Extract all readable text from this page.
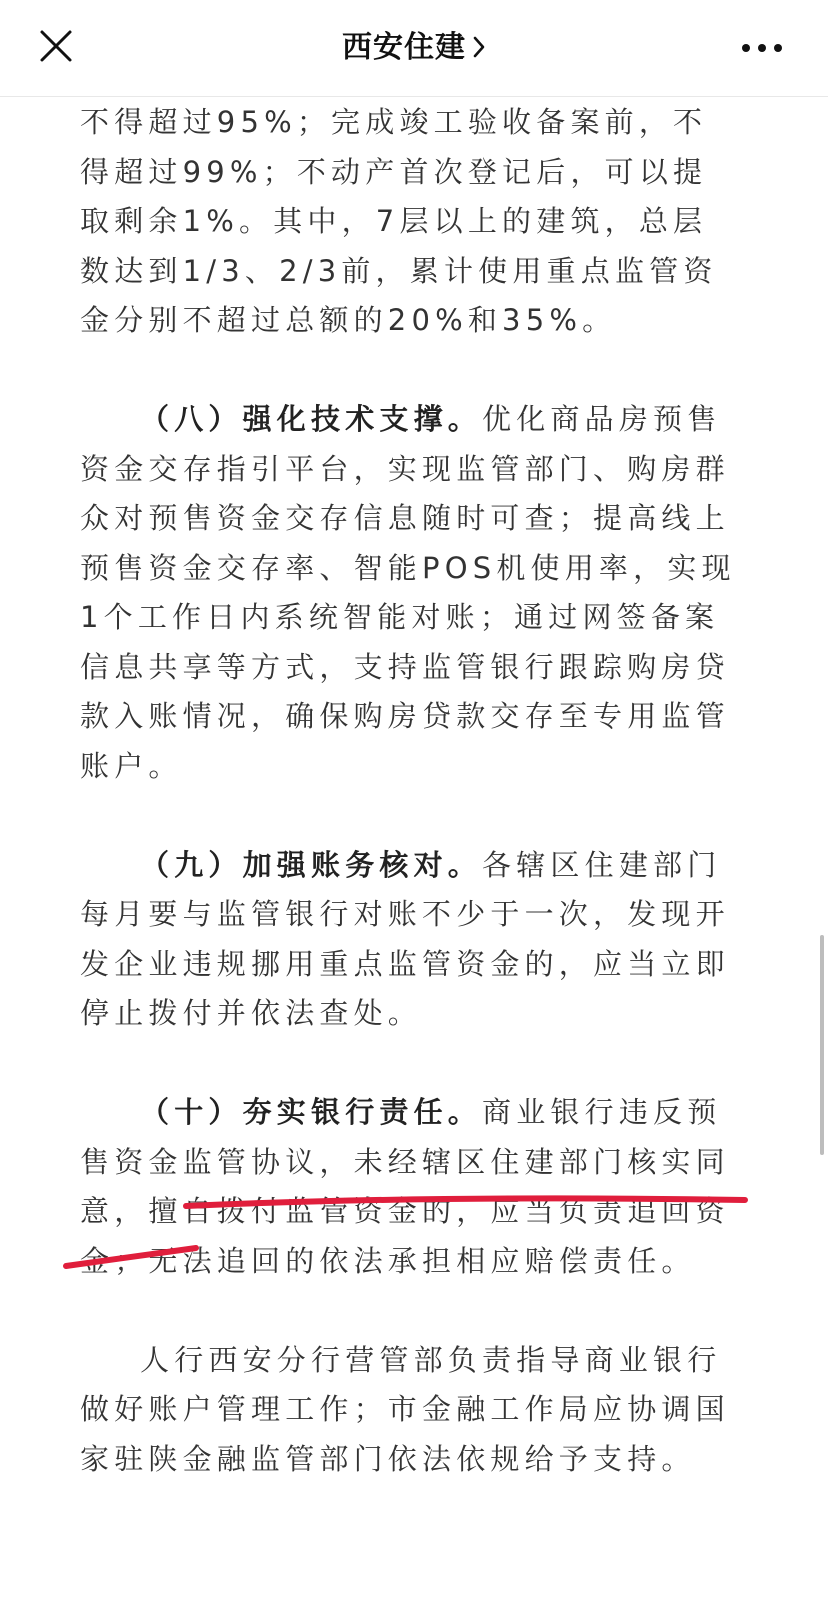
西安住建

不得超过95%；完成竣工验收备案前，不得超过99%；不动产首次登记后，可以提取剩余1%。其中，7层以上的建筑，总层数达到1/3、2/3前，累计使用重点监管资金分别不超过总额的20%和35%。

（八）强化技术支撑。优化商品房预售资金交存指引平台，实现监管部门、购房群众对预售资金交存信息随时可查；提高线上预售资金交存率、智能POS机使用率，实现1个工作日内系统智能对账；通过网签备案信息共享等方式，支持监管银行跟踪购房贷款入账情况，确保购房贷款交存至专用监管账户。

（九）加强账务核对。各辖区住建部门每月要与监管银行对账不少于一次，发现开发企业违规挪用重点监管资金的，应当立即停止拨付并依法查处。

（十）夯实银行责任。商业银行违反预售资金监管协议，未经辖区住建部门核实同意，擅自拨付监管资金的，应当负责追回资金；无法追回的依法承担相应赔偿责任。

人行西安分行营管部负责指导商业银行做好账户管理工作；市金融工作局应协调国家驻陕金融监管部门依法依规给予支持。
